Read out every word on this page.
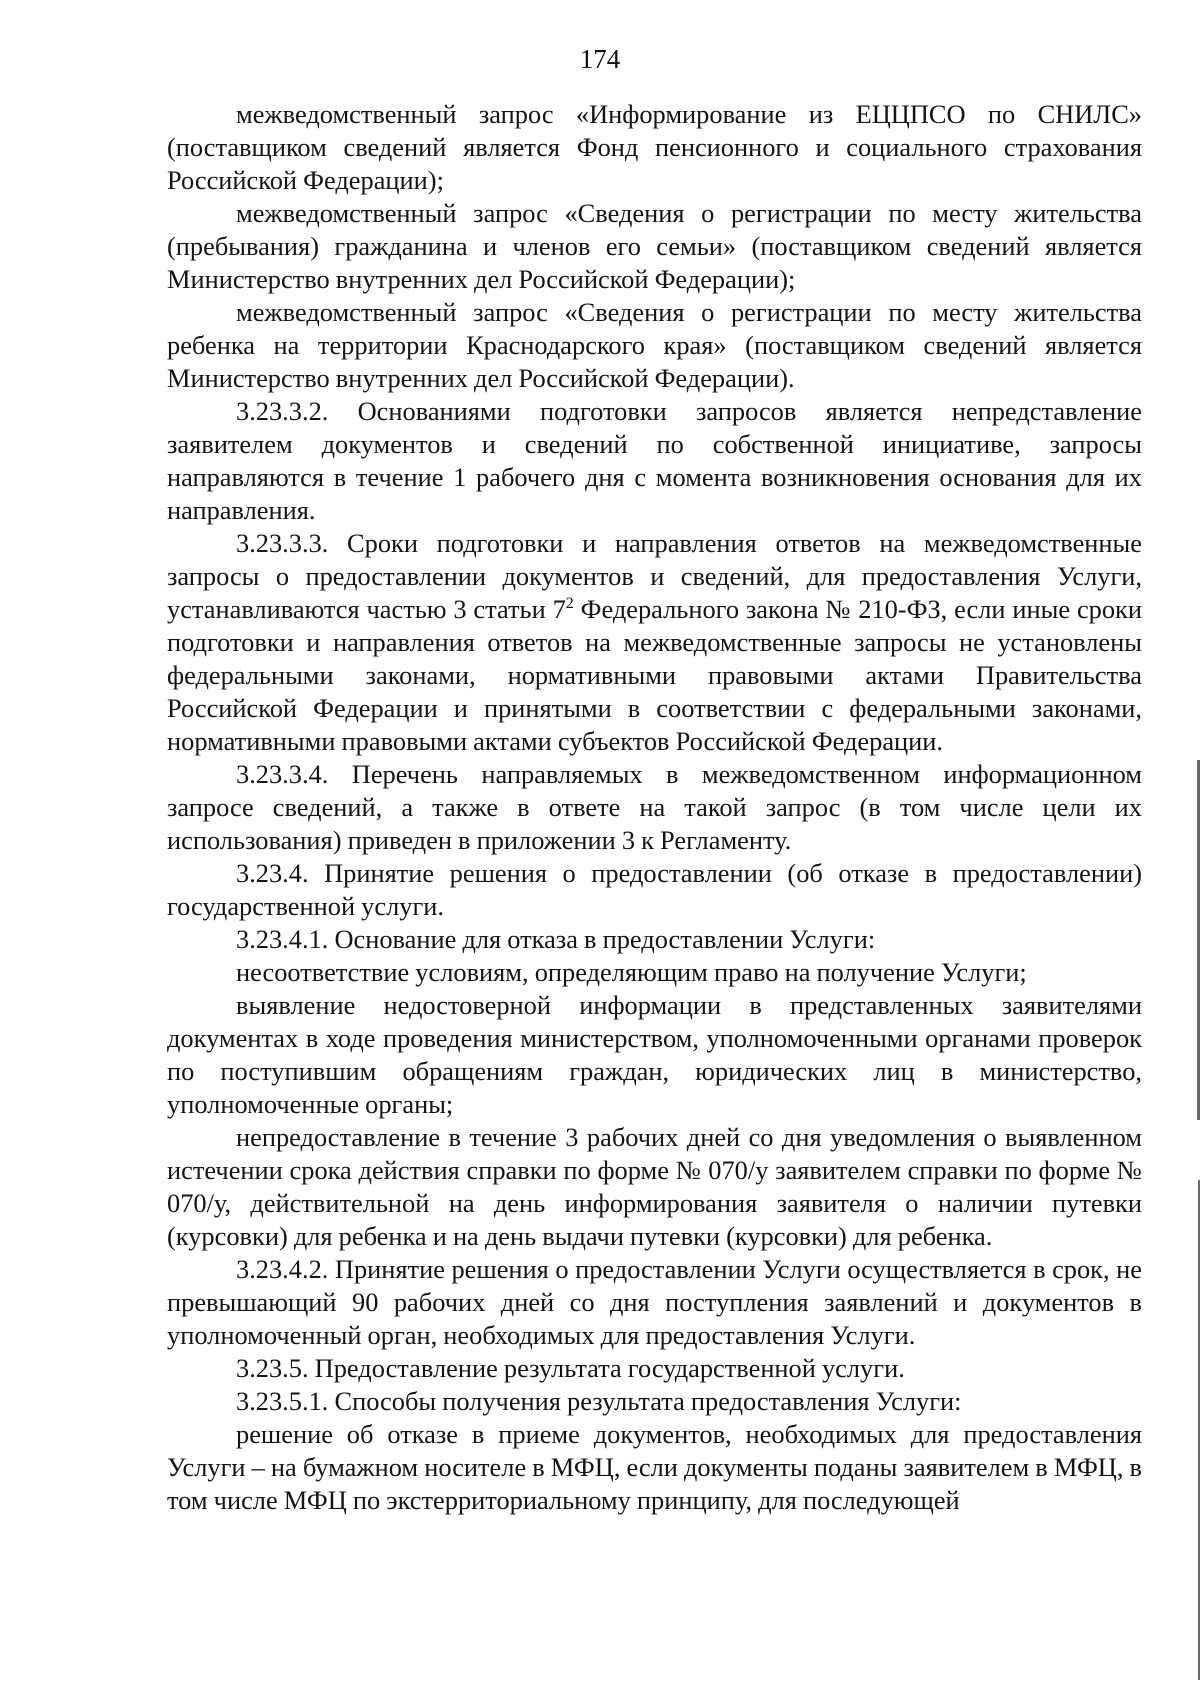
174

межведомственный запрос «Информирование из ЕЦЦПСО по СНИЛС» (поставщиком сведений является Фонд пенсионного и социального страхования Российской Федерации);

межведомственный запрос «Сведения о регистрации по месту жительства (пребывания) гражданина и членов его семьи» (поставщиком сведений является Министерство внутренних дел Российской Федерации);

межведомственный запрос «Сведения о регистрации по месту жительства ребенка на территории Краснодарского края» (поставщиком сведений является Министерство внутренних дел Российской Федерации).

3.23.3.2. Основаниями подготовки запросов является непредставление заявителем документов и сведений по собственной инициативе, запросы направляются в течение 1 рабочего дня с момента возникновения основания для их направления.

3.23.3.3. Сроки подготовки и направления ответов на межведомственные запросы о предоставлении документов и сведений, для предоставления Услуги, устанавливаются частью 3 статьи $7^2$ Федерального закона № 210-ФЗ, если иные сроки подготовки и направления ответов на межведомственные запросы не установлены федеральными законами, нормативными правовыми актами Правительства Российской Федерации и принятыми в соответствии с федеральными законами, нормативными правовыми актами субъектов Российской Федерации.

3.23.3.4. Перечень направляемых в межведомственном информационном запросе сведений, а также в ответе на такой запрос (в том числе цели их использования) приведен в приложении 3 к Регламенту.

3.23.4. Принятие решения о предоставлении (об отказе в предоставлении) государственной услуги.

3.23.4.1. Основание для отказа в предоставлении Услуги:

несоответствие условиям, определяющим право на получение Услуги;

выявление недостоверной информации в представленных заявителями документах в ходе проведения министерством, уполномоченными органами проверок по поступившим обращениям граждан, юридических лиц в министерство, уполномоченные органы;

непредоставление в течение 3 рабочих дней со дня уведомления о выявленном истечении срока действия справки по форме № 070/у заявителем справки по форме № 070/у, действительной на день информирования заявителя о наличии путевки (курсовки) для ребенка и на день выдачи путевки (курсовки) для ребенка.

3.23.4.2. Принятие решения о предоставлении Услуги осуществляется в срок, не превышающий 90 рабочих дней со дня поступления заявлений и документов в уполномоченный орган, необходимых для предоставления Услуги.

3.23.5. Предоставление результата государственной услуги.

3.23.5.1. Способы получения результата предоставления Услуги:

решение об отказе в приеме документов, необходимых для предоставления Услуги – на бумажном носителе в МФЦ, если документы поданы заявителем в МФЦ, в том числе МФЦ по экстерриториальному принципу, для последующей
